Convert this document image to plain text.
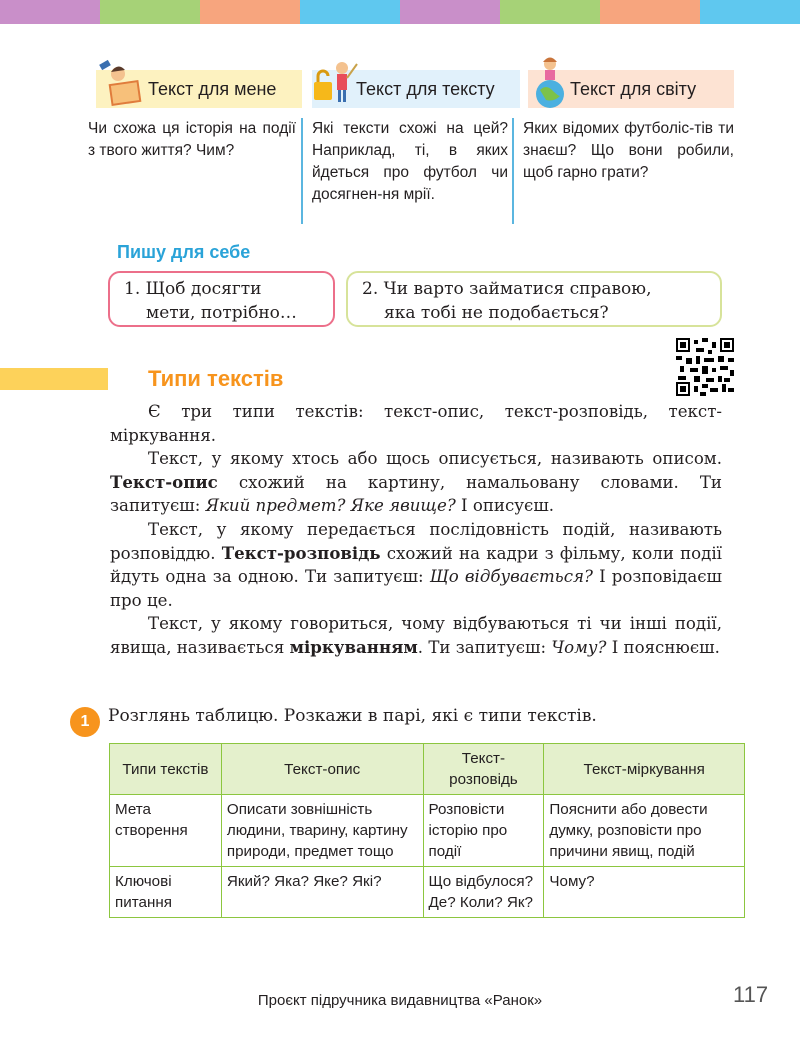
Текст для мене	Текст для тексту	Текст для світу
Чи схожа ця історія на події з твого життя? Чим?
Які тексти схожі на цей? Наприклад, ті, в яких йдеться про футбол чи досягнен-ня мрії.
Яких відомих футболіс-тів ти знаєш? Що вони робили, щоб гарно грати?
Пишу для себе
1. Щоб досягти
мети, потрібно…
2. Чи варто займатися справою,
яка тобі не подобається?
Типи текстів

Є три типи текстів: текст-опис, текст-розповідь, текст-міркування.

Текст, у якому хтось або щось описується, називають описом. Текст-опис схожий на картину, намальовану словами. Ти запитуєш: Який предмет? Яке явище? І описуєш.

Текст, у якому передається послідовність подій, називають розповіддю. Текст-розповідь схожий на кадри з фільму, коли події йдуть одна за одною. Ти запитуєш: Що відбувається? І розповідаєш про це.

Текст, у якому говориться, чому відбуваються ті чи інші події, явища, називається міркуванням. Ти запитуєш: Чому? І пояснюєш.

1	Розглянь таблицю. Розкажи в парі, які є типи текстів.
Типи текстів	Текст-опис	Текст-розповідь	Текст-міркування
Мета створення	Описати зовнішність людини, тварину, картину природи, предмет тощо	Розповісти історію про події	Пояснити або довести думку, розповісти про причини явищ, подій
Ключові питання	Який? Яка? Яке? Які?	Що відбулося? Де? Коли? Як?	Чому?
Проєкт підручника видавництва «Ранок»	117
